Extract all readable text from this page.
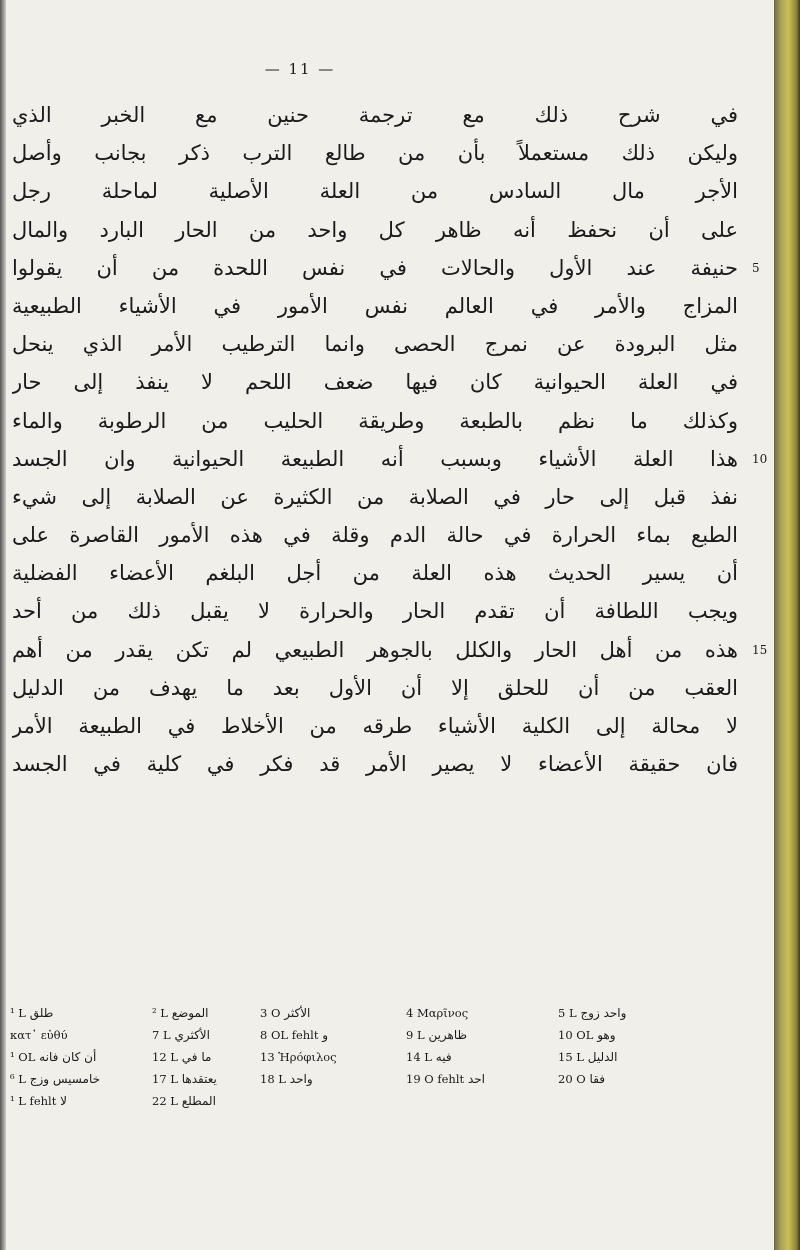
— 11 —
في شرح ذلك مع ترجمة حنين مع الخبر الذي
وليكن ذلك مستعملاً بأن من طالع الترب ذكر بجانب وأصل
الأجر مال السادس من العلة الأصلية لماحلة رجل
على أن نحفظ أنه ظاهر كل واحد من الحار البارد والمال
حنيفة عند الأول والحالات في نفس اللحدة من أن يقولوا
المزاج والأمر في العالم نفس الأمور في الأشياء الطبيعية
مثل البرودة عن نمرج الحصى وانما الترطيب الأمر الذي ينحل
في العلة الحيوانية كان فيها ضعف اللحم لا ينفذ إلى حار
وكذلك ما نظم بالطبعة وطريقة الحليب من الرطوبة والماء
هذا العلة الأشياء وبسبب أنه الطبيعة الحيوانية وان الجسد
نفذ قبل إلى حار في الصلابة من الكثيرة عن الصلابة إلى شيء
الطبع بماء الحرارة في حالة الدم وقلة في هذه الأمور القاصرة على
أن يسير الحديث هذه العلة من أجل البلغم الأعضاء الفضلية
ويجب اللطافة أن تقدم الحار والحرارة لا يقبل ذلك من أحد
هذه من أهل الحار والكلل بالجوهر الطبيعي لم تكن يقدر من أهم
العقب من أن للحلق إلا أن الأول بعد ما يهدف من الدليل
لا محالة إلى الكلية الأشياء طرقه من الأخلاط في الطبيعة الأمر
فان حقيقة الأعضاء لا يصير الأمر قد فكر في كلية في الجسد
¹ L طلق	² L الموضع	3 O الأكثر	4 Μαρῖνος	5 L واحد زوج
κατ᾽ εὐθύ	7 L الأكثري	8 OL fehlt و	9 L ظاهرين	10 OL وهو
¹ OL أن كان فانه	12 L ما في	13 Ἡρόφιλος	14 L فيه	15 L الدليل
⁶ L خامسيس وزج	17 L يعتقدها	18 L واحد	19 O fehlt احد	20 O فقا
¹ L fehlt لا	22 L المطلع
5
10
15
